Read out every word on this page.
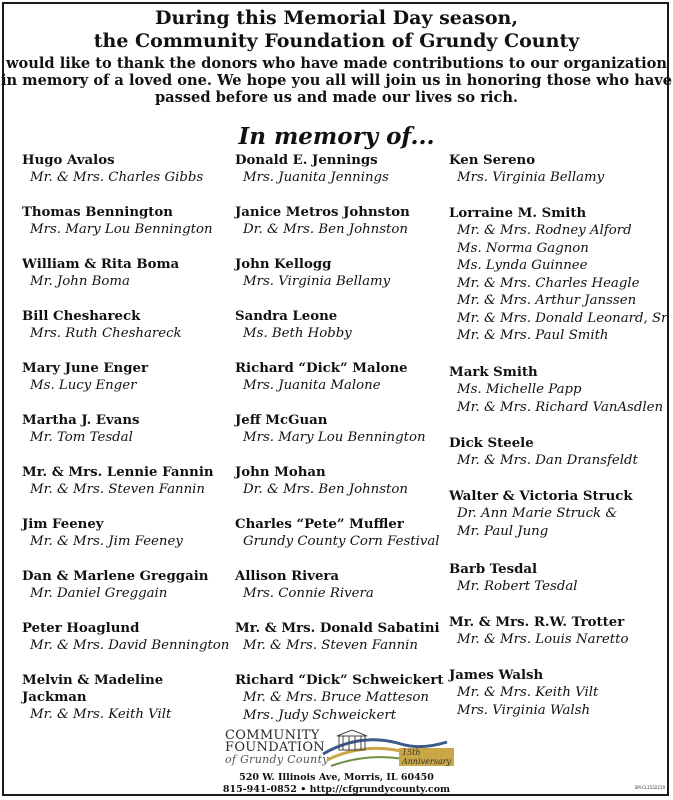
During this Memorial Day season,

the Community Foundation of Grundy County

would like to thank the donors who have made contributions to our organization

in memory of a loved one. We hope you all will join us in honoring those who have

passed before us and made our lives so rich.

In memory of...
Hugo Avalos
Mr. & Mrs. Charles Gibbs
Thomas Bennington
Mrs. Mary Lou Bennington
William & Rita Boma
Mr. John Boma
Bill Cheshareck
Mrs. Ruth Cheshareck
Mary June Enger
Ms. Lucy Enger
Martha J. Evans
Mr. Tom Tesdal
Mr. & Mrs. Lennie Fannin
Mr. & Mrs. Steven Fannin
Jim Feeney
Mr. & Mrs. Jim Feeney
Dan & Marlene Greggain
Mr. Daniel Greggain
Peter Hoaglund
Mr. & Mrs. David Bennington
Melvin & Madeline
Jackman
Mr. & Mrs. Keith Vilt
Donald E. Jennings
Mrs. Juanita Jennings
Janice Metros Johnston
Dr. & Mrs. Ben Johnston
John Kellogg
Mrs. Virginia Bellamy
Sandra Leone
Ms. Beth Hobby
Richard “Dick” Malone
Mrs. Juanita Malone
Jeff McGuan
Mrs. Mary Lou Bennington
John Mohan
Dr. & Mrs. Ben Johnston
Charles “Pete” Muffler
Grundy County Corn Festival
Allison Rivera
Mrs. Connie Rivera
Mr. & Mrs. Donald Sabatini
Mr. & Mrs. Steven Fannin
Richard “Dick” Schweickert
Mr. & Mrs. Bruce Matteson
Mrs. Judy Schweickert
Ken Sereno
Mrs. Virginia Bellamy
Lorraine M. Smith
Mr. & Mrs. Rodney Alford
Ms. Norma Gagnon
Ms. Lynda Guinnee
Mr. & Mrs. Charles Heagle
Mr. & Mrs. Arthur Janssen
Mr. & Mrs. Donald Leonard, Sr.
Mr. & Mrs. Paul Smith
Mark Smith
Ms. Michelle Papp
Mr. & Mrs. Richard VanAsdlen
Dick Steele
Mr. & Mrs. Dan Dransfeldt
Walter & Victoria Struck
Dr. Ann Marie Struck &
Mr. Paul Jung
Barb Tesdal
Mr. Robert Tesdal
Mr. & Mrs. R.W. Trotter
Mr. & Mrs. Louis Naretto
James Walsh
Mr. & Mrs. Keith Vilt
Mrs. Virginia Walsh
COMMUNITY
FOUNDATION
of Grundy County
15th Anniversary
520 W. Illinois Ave, Morris, IL 60450
815-941-0852 • http://cfgrundycounty.com	SM-CL1532219
